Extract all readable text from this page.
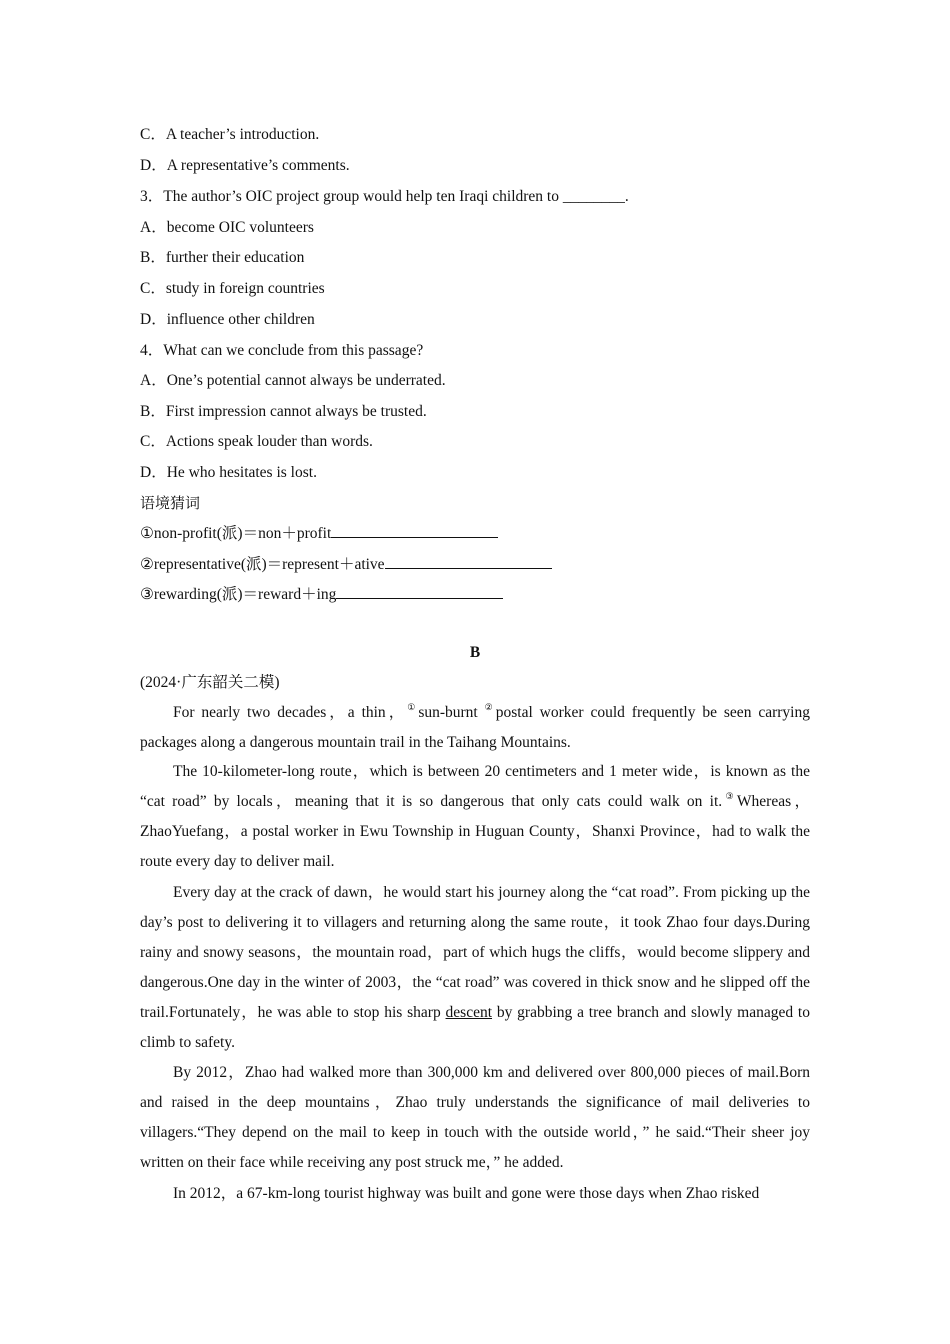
C．A teacher’s introduction.
D．A representative’s comments.
3．The author’s OIC project group would help ten Iraqi children to ________.
A．become OIC volunteers
B．further their education
C．study in foreign countries
D．influence other children
4．What can we conclude from this passage?
A．One’s potential cannot always be underrated.
B．First impression cannot always be trusted.
C．Actions speak louder than words.
D．He who hesitates is lost.
语境猜词
①non-profit(派)＝non＋profit
②representative(派)＝represent＋ative
③rewarding(派)＝reward＋ing
B
(2024·广东韶关二模)
For nearly two decades，a thin，①sun-burnt ②postal worker could frequently be seen carrying packages along a dangerous mountain trail in the Taihang Mountains.
The 10-kilometer-long route，which is between 20 centimeters and 1 meter wide，is known as the “cat road” by locals，meaning that it is so dangerous that only cats could walk on it.③Whereas，ZhaoYuefang，a postal worker in Ewu Township in Huguan County，Shanxi Province，had to walk the route every day to deliver mail.
Every day at the crack of dawn，he would start his journey along the “cat road”. From picking up the day’s post to delivering it to villagers and returning along the same route，it took Zhao four days.During rainy and snowy seasons，the mountain road，part of which hugs the cliffs，would become slippery and dangerous.One day in the winter of 2003，the “cat road” was covered in thick snow and he slipped off the trail.Fortunately，he was able to stop his sharp descent by grabbing a tree branch and slowly managed to climb to safety.
By 2012，Zhao had walked more than 300,000 km and delivered over 800,000 pieces of mail.Born and raised in the deep mountains，Zhao truly understands the significance of mail deliveries to villagers.“They depend on the mail to keep in touch with the outside world，” he said.“Their sheer joy written on their face while receiving any post struck me，” he added.
In 2012，a 67-km-long tourist highway was built and gone were those days when Zhao risked
